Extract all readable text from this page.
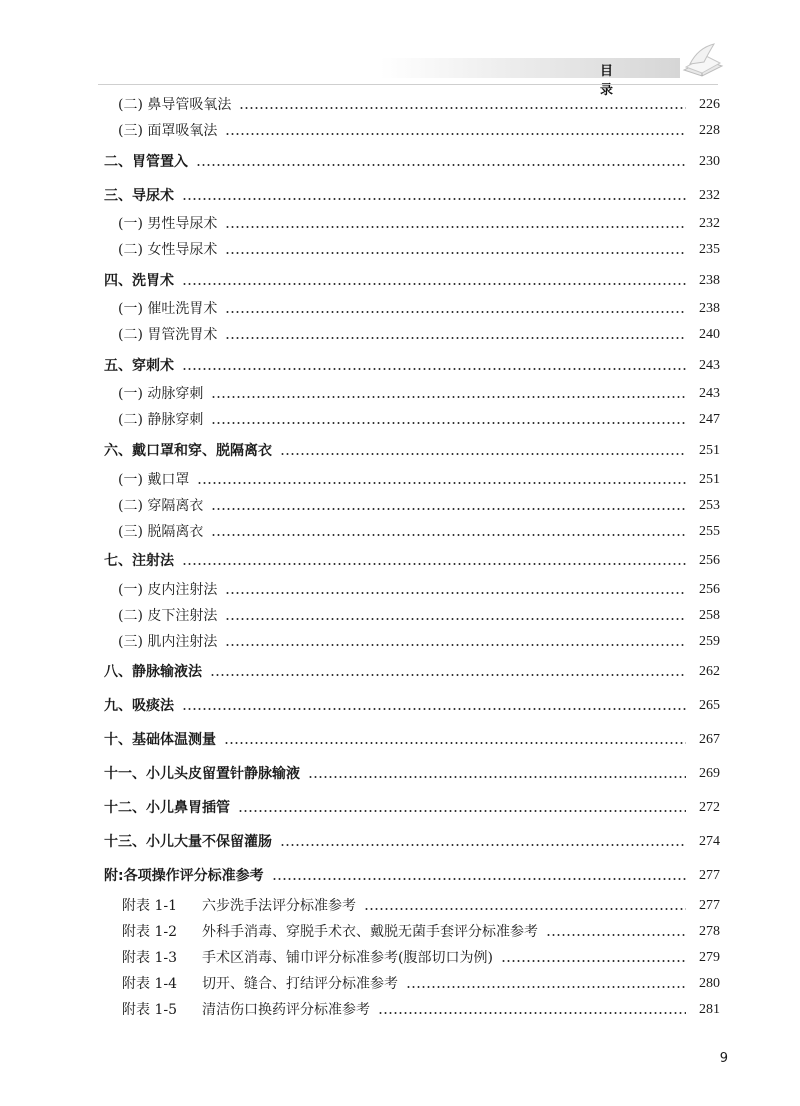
目 录
(二) 鼻导管吸氧法	226
(三) 面罩吸氧法	228
二、胃管置入	230
三、导尿术	232
(一) 男性导尿术	232
(二) 女性导尿术	235
四、洗胃术	238
(一) 催吐洗胃术	238
(二) 胃管洗胃术	240
五、穿刺术	243
(一) 动脉穿刺	243
(二) 静脉穿刺	247
六、戴口罩和穿、脱隔离衣	251
(一) 戴口罩	251
(二) 穿隔离衣	253
(三) 脱隔离衣	255
七、注射法	256
(一) 皮内注射法	256
(二) 皮下注射法	258
(三) 肌内注射法	259
八、静脉输液法	262
九、吸痰法	265
十、基础体温测量	267
十一、小儿头皮留置针静脉输液	269
十二、小儿鼻胃插管	272
十三、小儿大量不保留灌肠	274
附:各项操作评分标准参考	277
附表 1-1	六步洗手法评分标准参考	277
附表 1-2	外科手消毒、穿脱手术衣、戴脱无菌手套评分标准参考	278
附表 1-3	手术区消毒、铺巾评分标准参考(腹部切口为例)	279
附表 1-4	切开、缝合、打结评分标准参考	280
附表 1-5	清洁伤口换药评分标准参考	281
9
